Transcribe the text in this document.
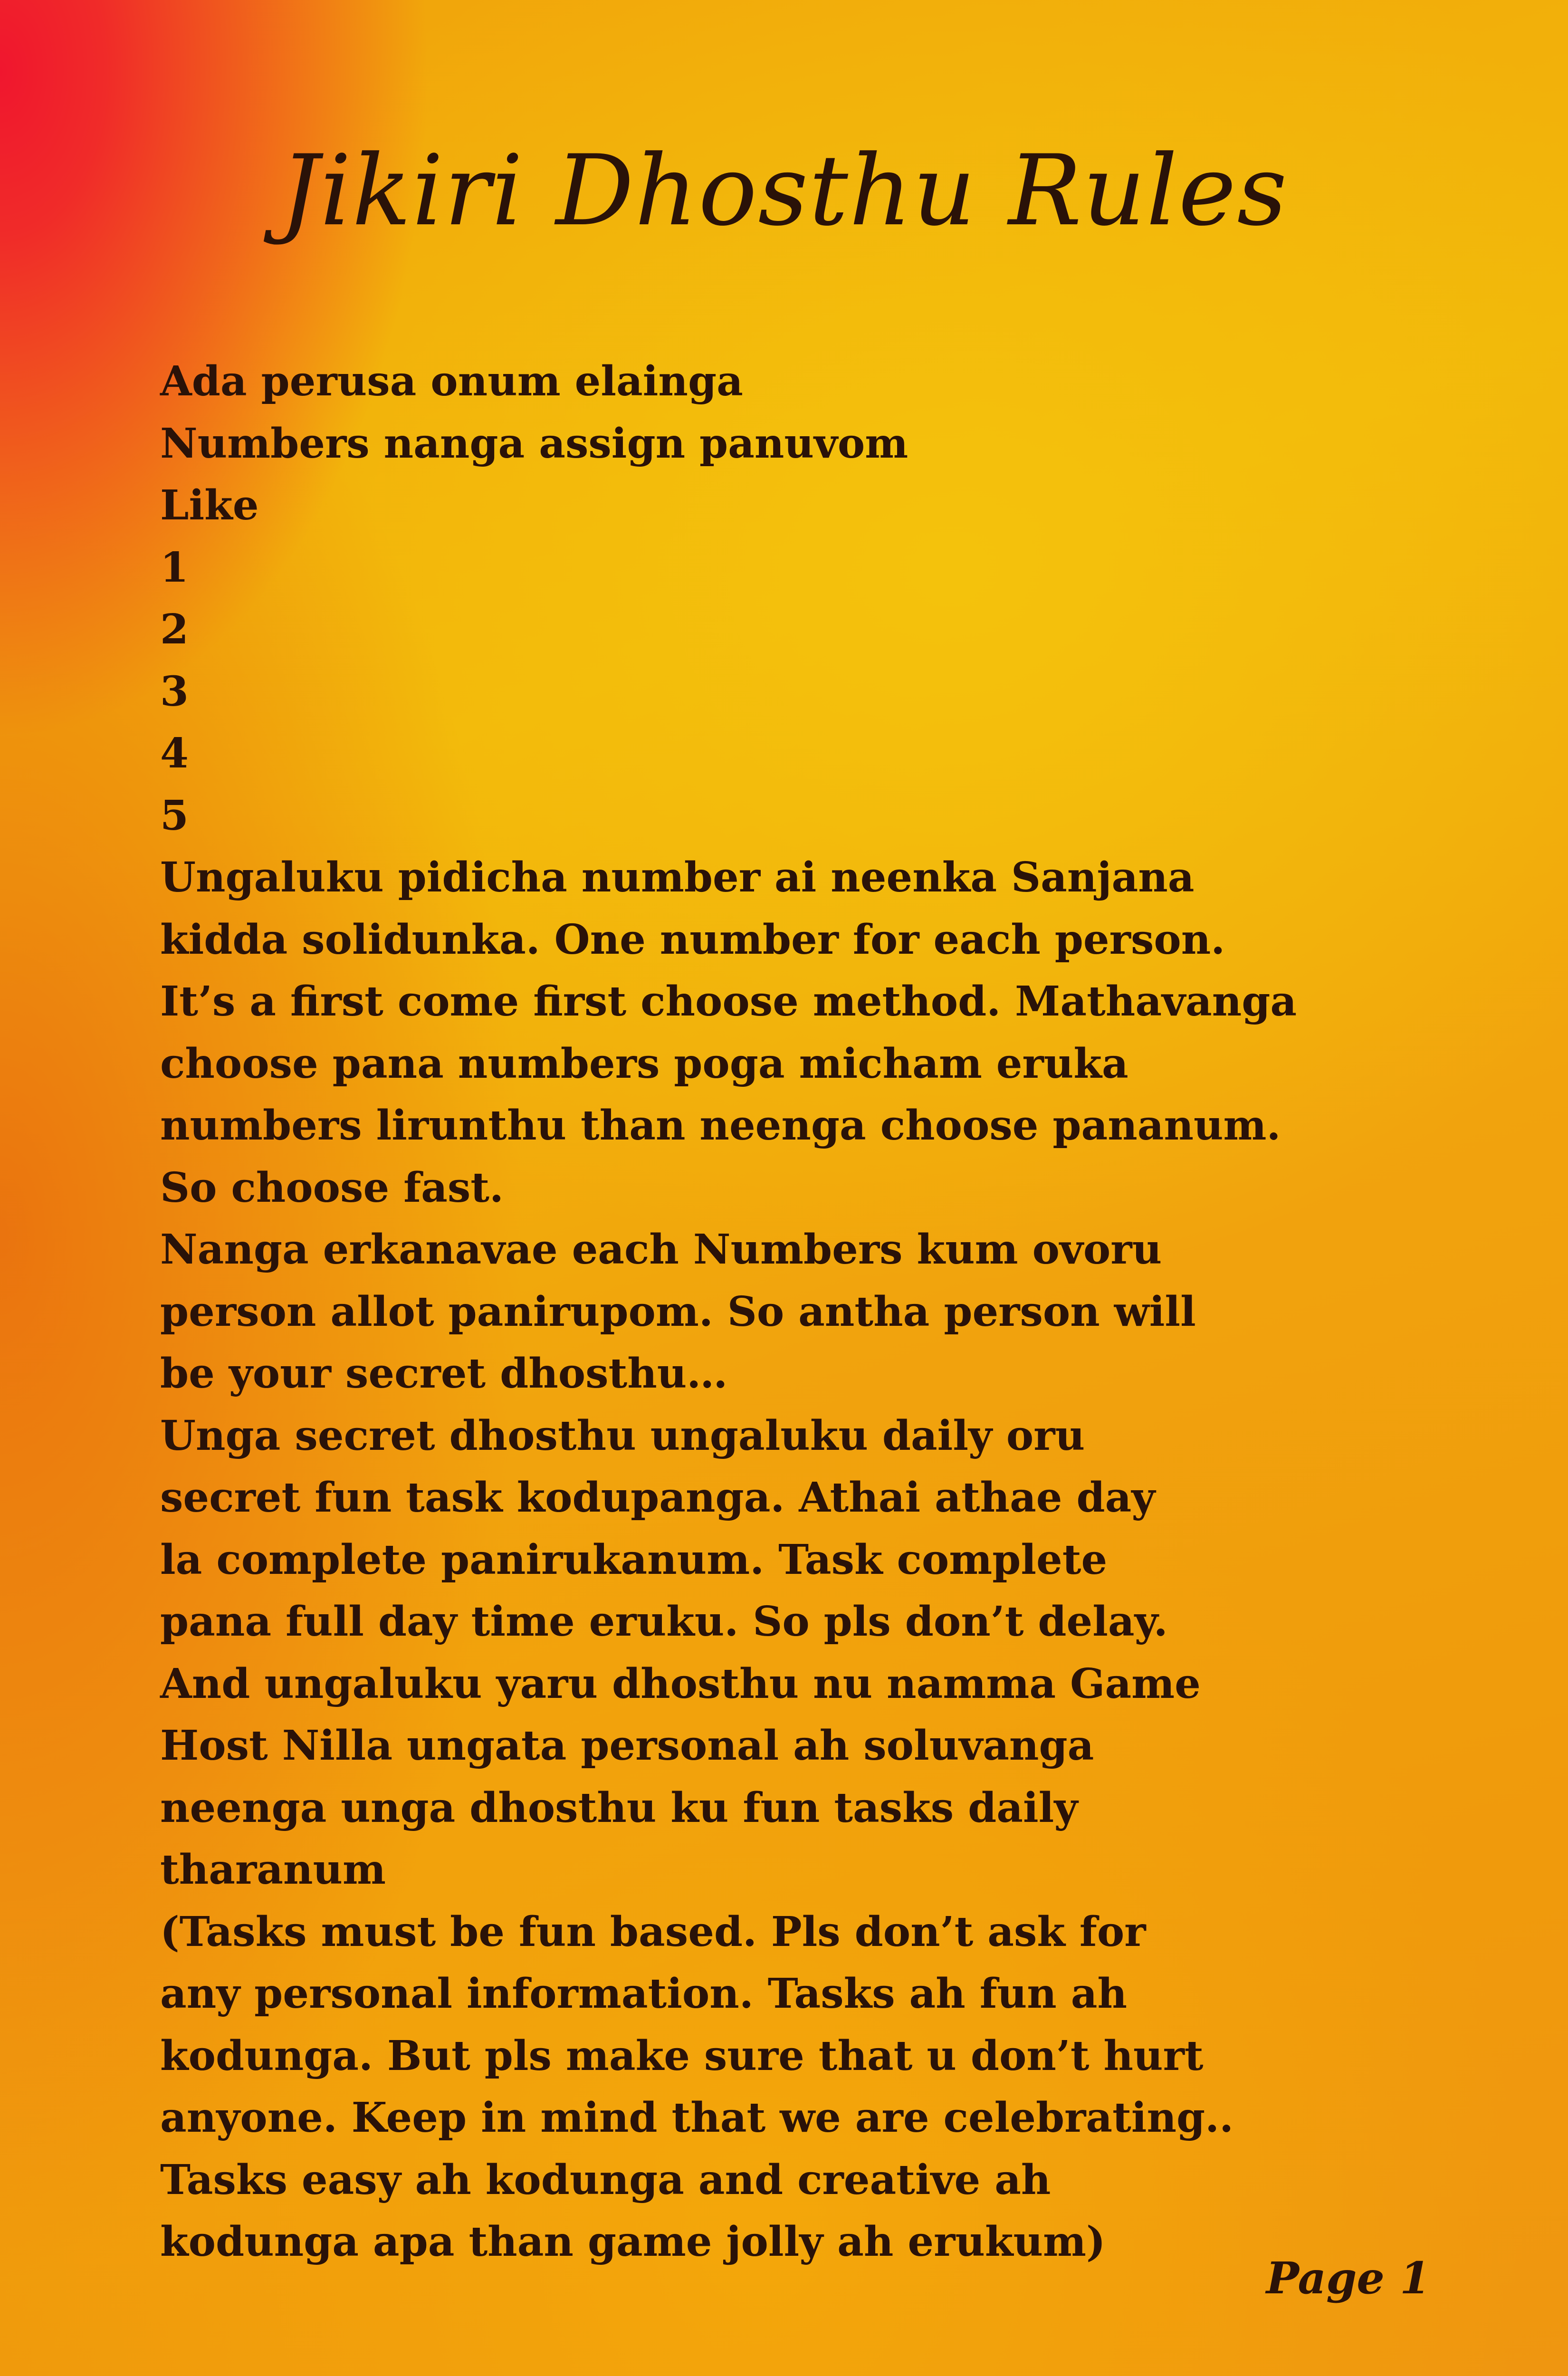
Jikiri Dhosthu Rules
Ada perusa onum elainga
Numbers nanga assign panuvom
Like
1
2
3
4
5
Ungaluku pidicha number ai neenka Sanjana
kidda solidunka. One number for each person.
It’s a first come first choose method. Mathavanga
choose pana numbers poga micham eruka
numbers lirunthu than neenga choose pananum.
So choose fast.
Nanga erkanavae each Numbers kum ovoru
person allot panirupom. So antha person will
be your secret dhosthu…
Unga secret dhosthu ungaluku daily oru
secret fun task kodupanga. Athai athae day
la complete panirukanum. Task complete
pana full day time eruku. So pls don’t delay.
And ungaluku yaru dhosthu nu namma Game
Host Nilla ungata personal ah soluvanga
neenga unga dhosthu ku fun tasks daily
tharanum
(Tasks must be fun based. Pls don’t ask for
any personal information. Tasks ah fun ah
kodunga. But pls make sure that u don’t hurt
anyone. Keep in mind that we are celebrating..
Tasks easy ah kodunga and creative ah
kodunga apa than game jolly ah erukum)
Page 1
